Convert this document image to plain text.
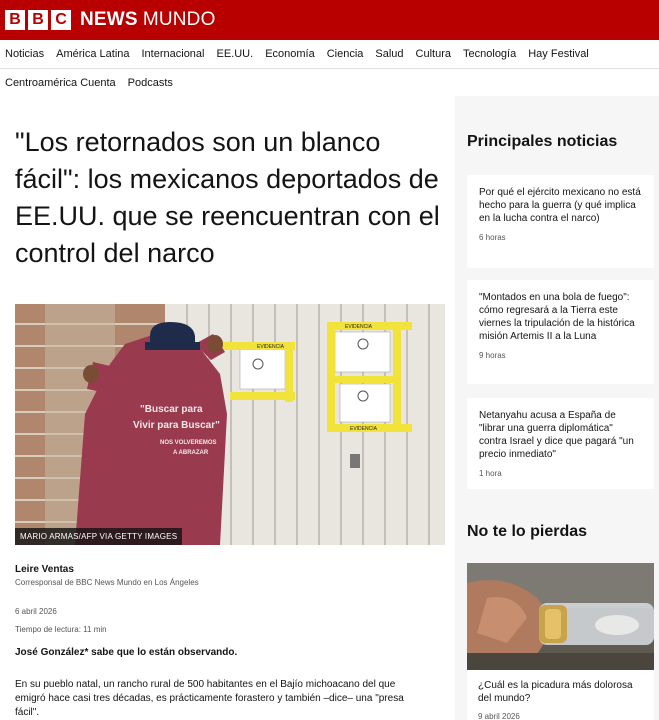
B B C NEWS MUNDO
Noticias	América Latina	Internacional	EE.UU.	Economía	Ciencia	Salud	Cultura	Tecnología	Hay Festival
Centroamérica Cuenta	Podcasts
"Los retornados son un blanco fácil": los mexicanos deportados de EE.UU. que se reencuentran con el control del narco
EVIDENCIA
EVIDENCIA
EVIDENCIA
"Buscar para
Vivir para Buscar"
NOS VOLVEREMOS
A ABRAZAR
MARIO ARMAS/AFP VIA GETTY IMAGES
Leire Ventas
Corresponsal de BBC News Mundo en Los Ángeles
6 abril 2026
Tiempo de lectura: 11 min
José González* sabe que lo están observando.
En su pueblo natal, un rancho rural de 500 habitantes en el Bajío michoacano del que emigró hace casi tres décadas, es prácticamente forastero y también –dice– una "presa fácil".
Principales noticias
Por qué el ejército mexicano no está hecho para la guerra (y qué implica en la lucha contra el narco)
6 horas
"Montados en una bola de fuego": cómo regresará a la Tierra este viernes la tripulación de la histórica misión Artemis II a la Luna
9 horas
Netanyahu acusa a España de "librar una guerra diplomática" contra Israel y dice que pagará "un precio inmediato"
1 hora
No te lo pierdas
¿Cuál es la picadura más dolorosa del mundo?
9 abril 2026
